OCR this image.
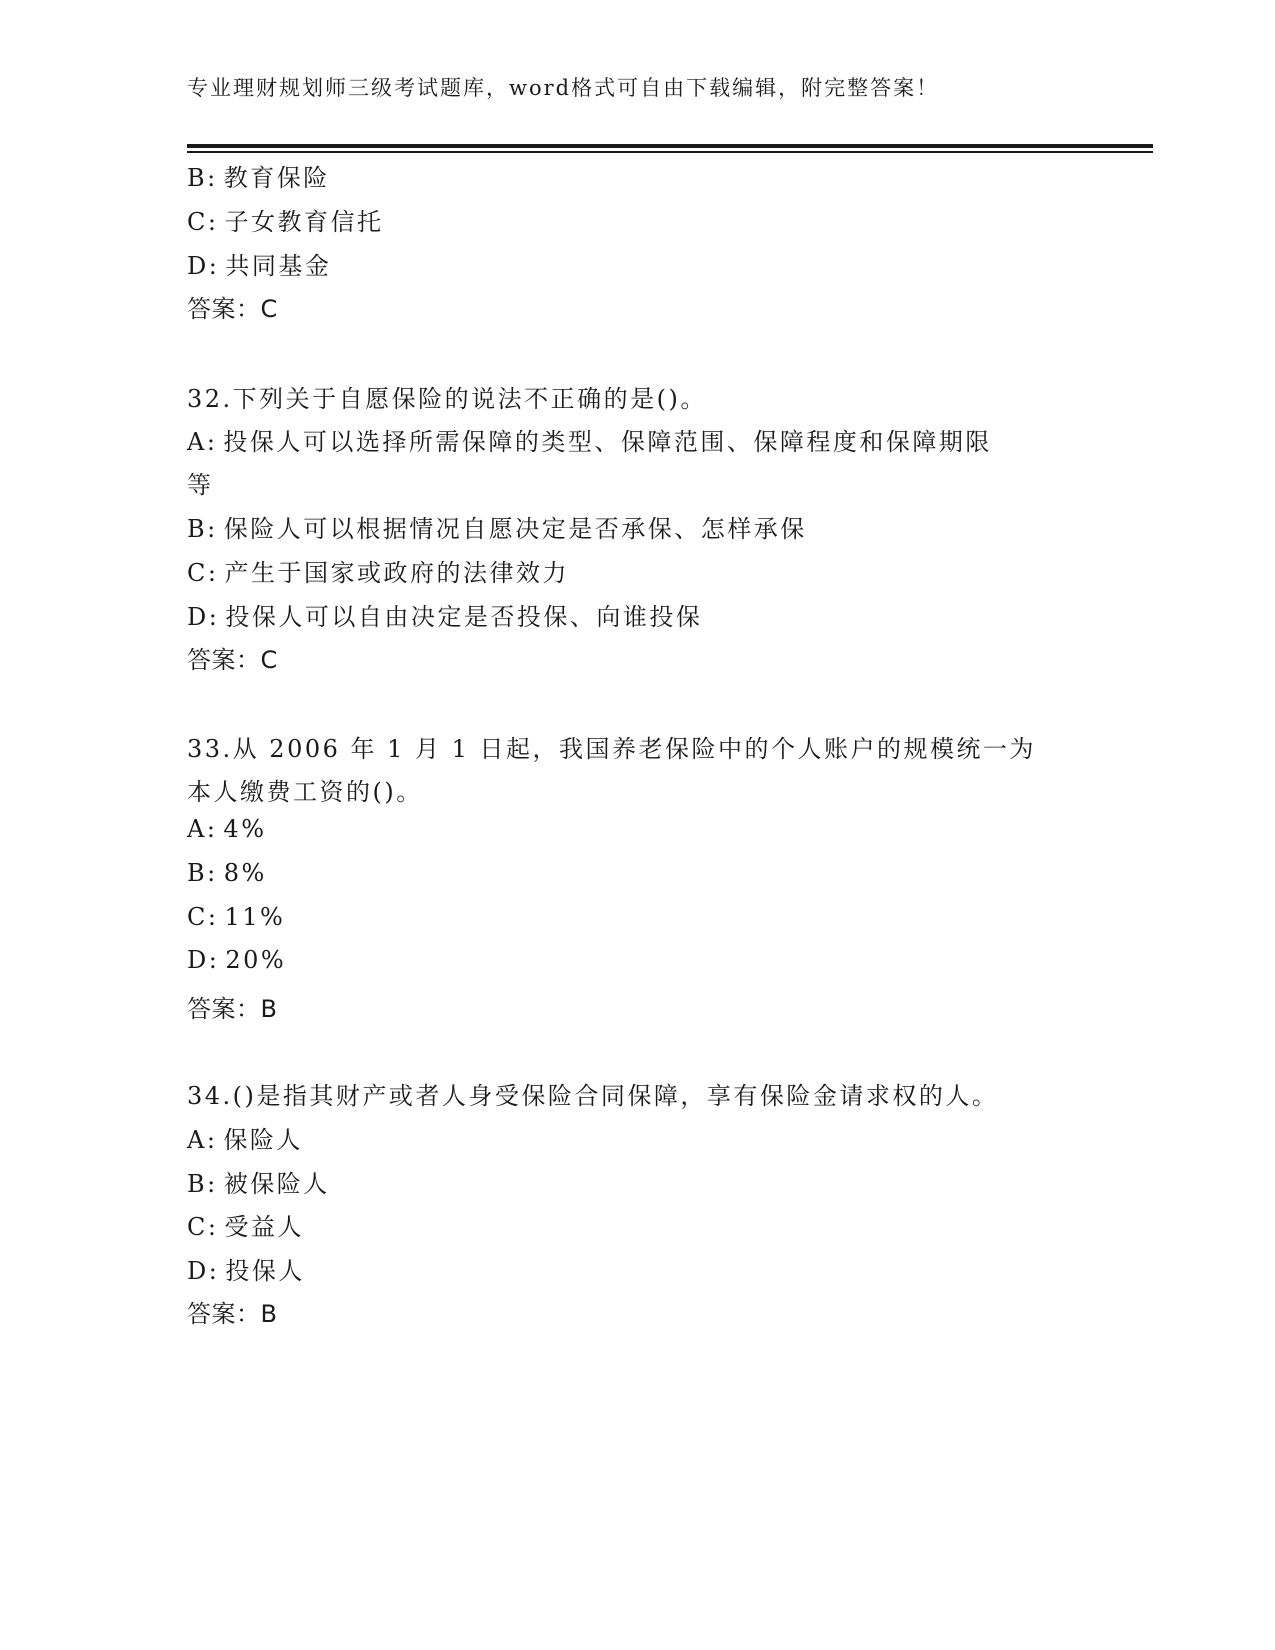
专业理财规划师三级考试题库，word格式可自由下载编辑，附完整答案！
B: 教育保险
C: 子女教育信托
D: 共同基金
答案：C
32.下列关于自愿保险的说法不正确的是()。
A: 投保人可以选择所需保障的类型、保障范围、保障程度和保障期限
等
B: 保险人可以根据情况自愿决定是否承保、怎样承保
C: 产生于国家或政府的法律效力
D: 投保人可以自由决定是否投保、向谁投保
答案：C
33.从 2006 年 1 月 1 日起，我国养老保险中的个人账户的规模统一为
本人缴费工资的()。
A: 4%
B: 8%
C: 11%
D: 20%
答案：B
34.()是指其财产或者人身受保险合同保障，享有保险金请求权的人。
A: 保险人
B: 被保险人
C: 受益人
D: 投保人
答案：B
